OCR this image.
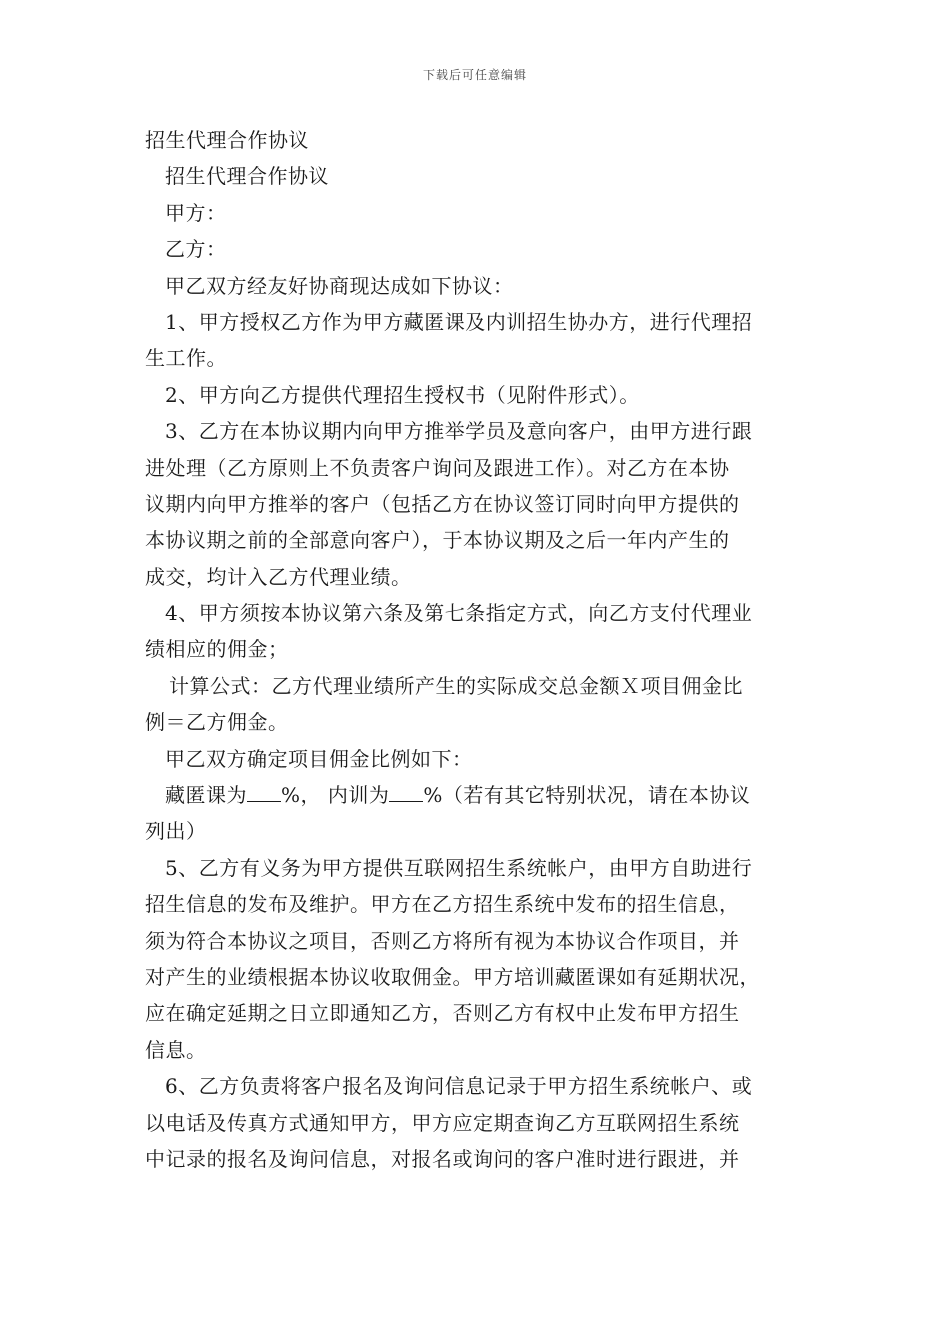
下载后可任意编辑
招生代理合作协议
招生代理合作协议
甲方：
乙方：
甲乙双方经友好协商现达成如下协议：
1、甲方授权乙方作为甲方藏匿课及内训招生协办方，进行代理招
生工作。
2、甲方向乙方提供代理招生授权书（见附件形式）。
3、乙方在本协议期内向甲方推举学员及意向客户，由甲方进行跟
进处理（乙方原则上不负责客户询问及跟进工作）。对乙方在本协
议期内向甲方推举的客户（包括乙方在协议签订同时向甲方提供的
本协议期之前的全部意向客户），于本协议期及之后一年内产生的
成交，均计入乙方代理业绩。
4、甲方须按本协议第六条及第七条指定方式，向乙方支付代理业
绩相应的佣金；
计算公式：乙方代理业绩所产生的实际成交总金额Ｘ项目佣金比
例＝乙方佣金。
甲乙双方确定项目佣金比例如下：
藏匿课为 %， 内训为 %（若有其它特别状况，请在本协议
列出）
5、乙方有义务为甲方提供互联网招生系统帐户，由甲方自助进行
招生信息的发布及维护。甲方在乙方招生系统中发布的招生信息，
须为符合本协议之项目，否则乙方将所有视为本协议合作项目，并
对产生的业绩根据本协议收取佣金。甲方培训藏匿课如有延期状况，
应在确定延期之日立即通知乙方，否则乙方有权中止发布甲方招生
信息。
6、乙方负责将客户报名及询问信息记录于甲方招生系统帐户、或
以电话及传真方式通知甲方，甲方应定期查询乙方互联网招生系统
中记录的报名及询问信息，对报名或询问的客户准时进行跟进，并
